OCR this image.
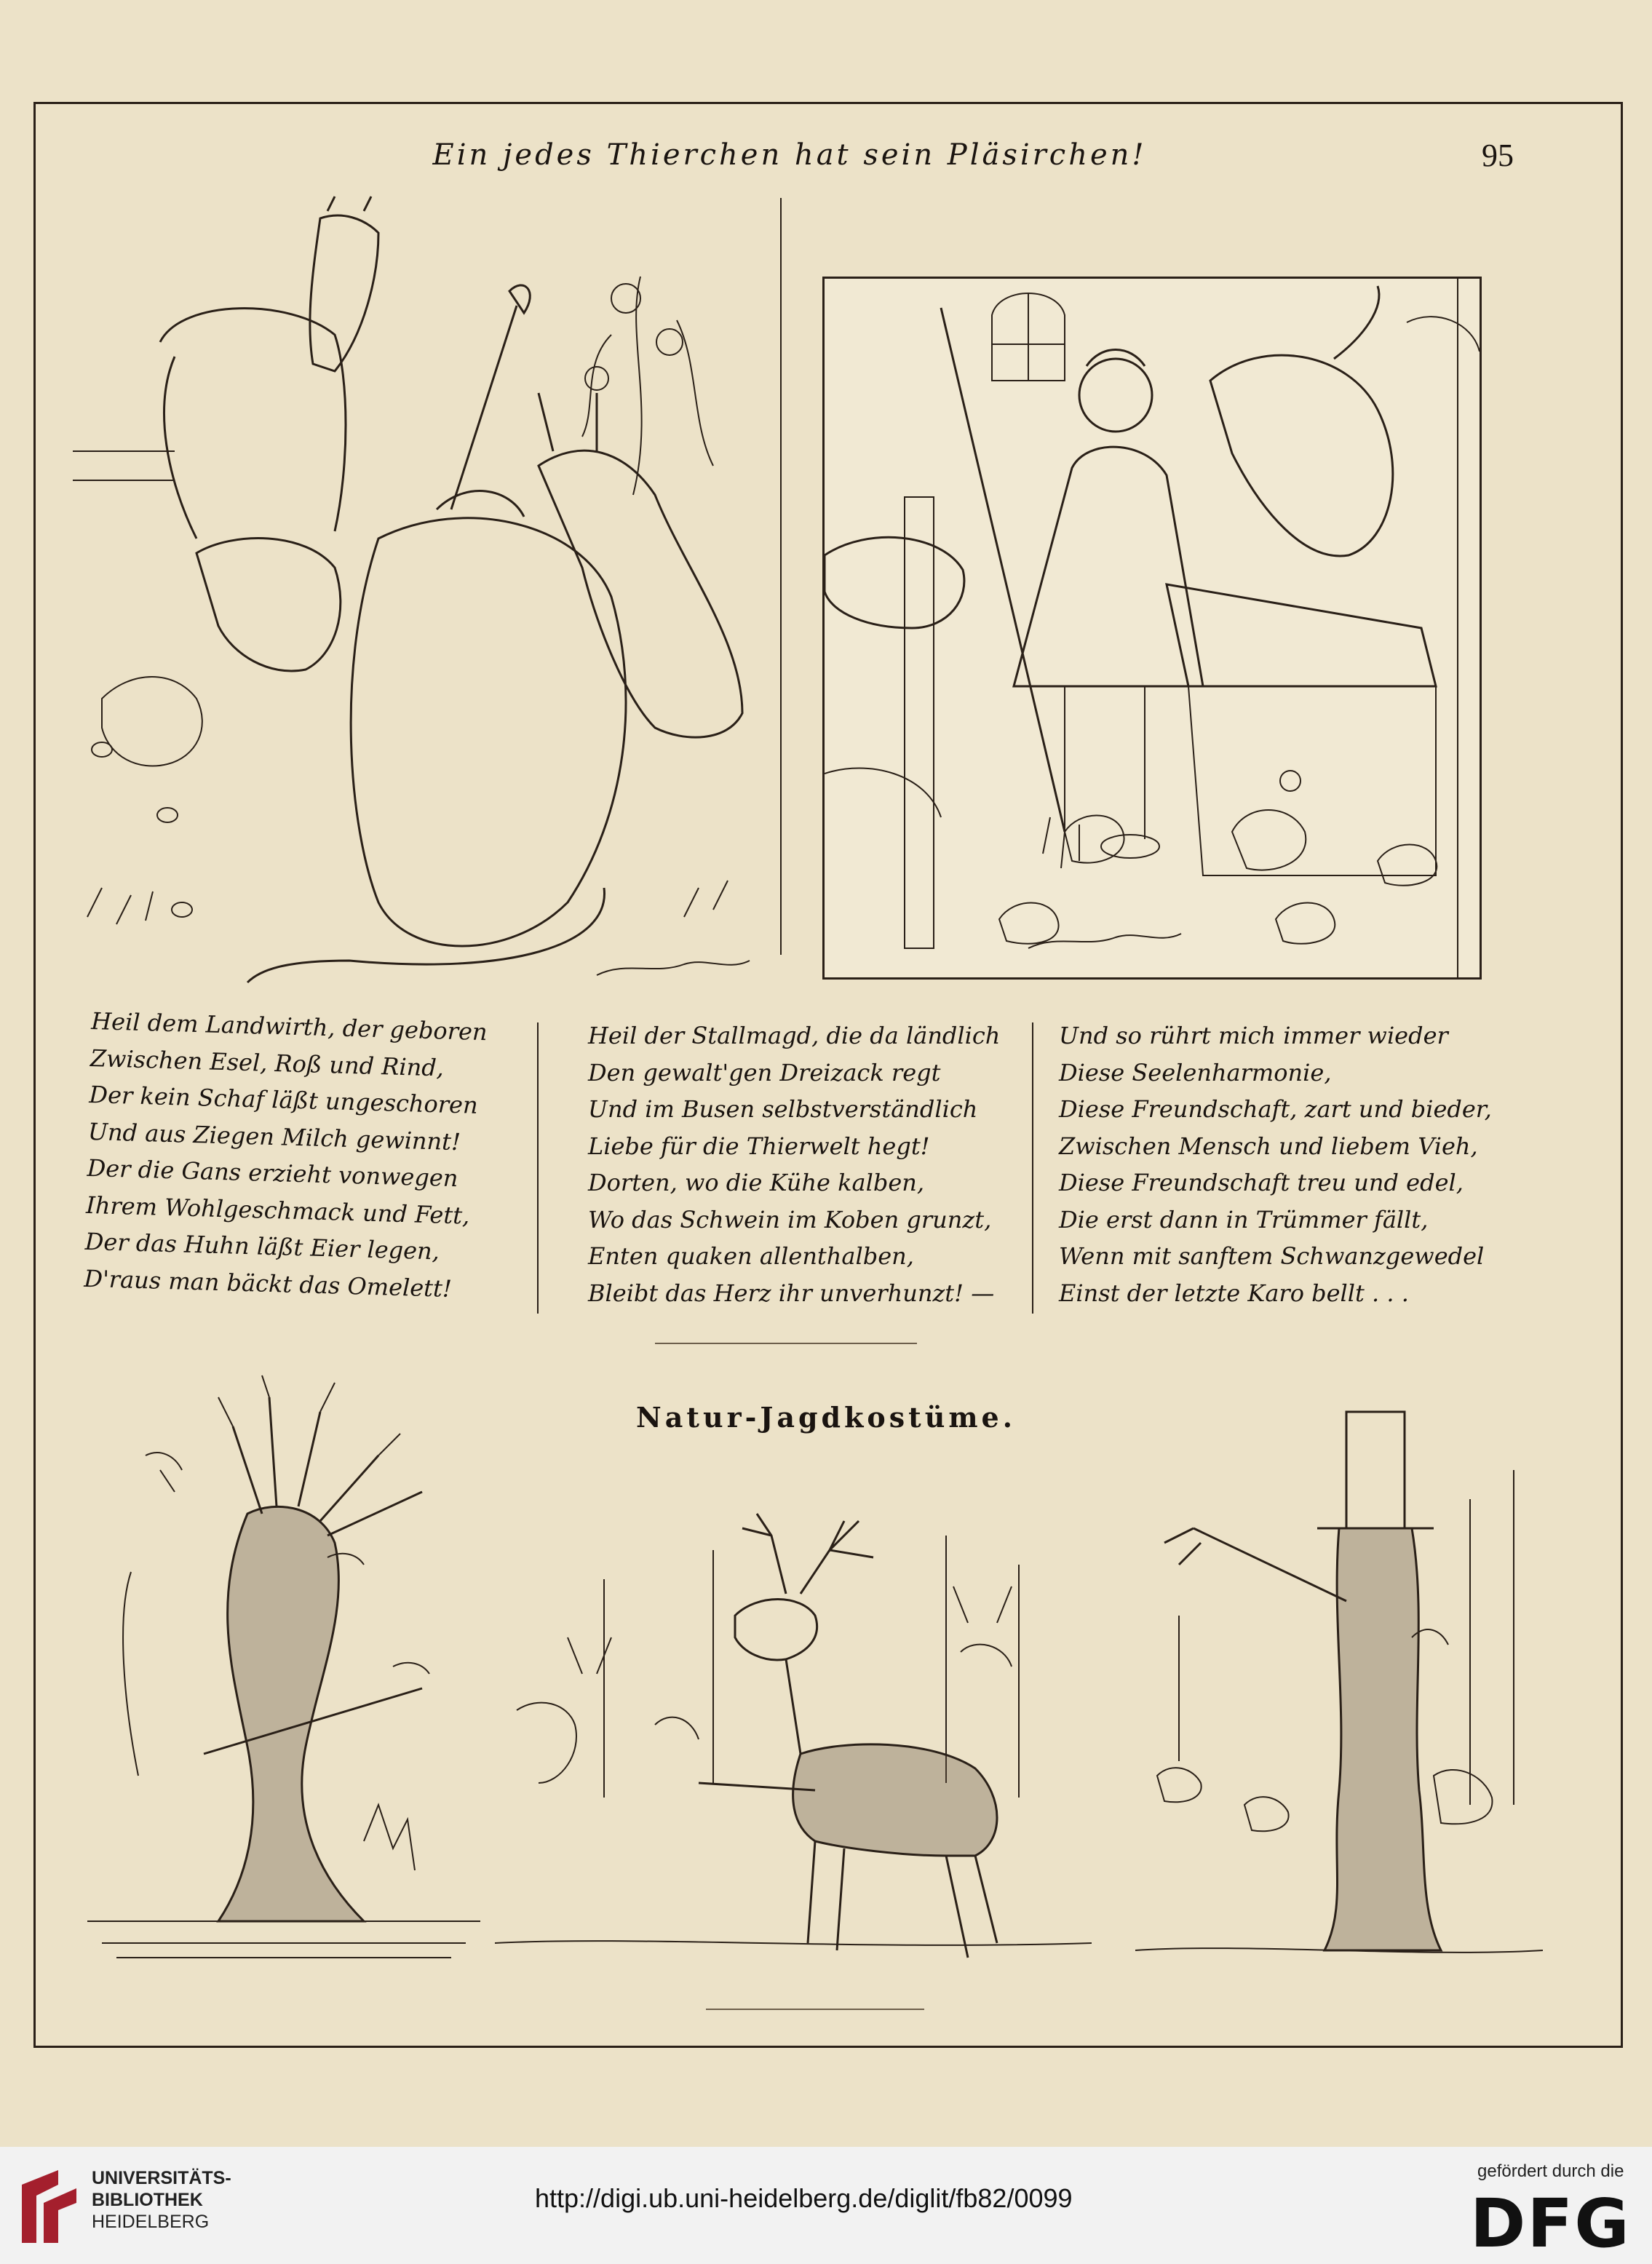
Ein jedes Thierchen hat sein Pläsirchen!	95
Heil dem Landwirth, der geboren
Zwischen Esel, Roß und Rind,
Der kein Schaf läßt ungeschoren
Und aus Ziegen Milch gewinnt!
Der die Gans erzieht vonwegen
Ihrem Wohlgeschmack und Fett,
Der das Huhn läßt Eier legen,
D'raus man bäckt das Omelett!
Heil der Stallmagd, die da ländlich
Den gewalt'gen Dreizack regt
Und im Busen selbstverständlich
Liebe für die Thierwelt hegt!
Dorten, wo die Kühe kalben,
Wo das Schwein im Koben grunzt,
Enten quaken allenthalben,
Bleibt das Herz ihr unverhunzt! —
Und so rührt mich immer wieder
Diese Seelenharmonie,
Diese Freundschaft, zart und bieder,
Zwischen Mensch und liebem Vieh,
Diese Freundschaft treu und edel,
Die erst dann in Trümmer fällt,
Wenn mit sanftem Schwanzgewedel
Einst der letzte Karo bellt . . .
Natur-Jagdkostüme.
UNIVERSITÄTS-
BIBLIOTHEK
HEIDELBERG
http://digi.ub.uni-heidelberg.de/diglit/fb82/0099
gefördert durch die
DFG
